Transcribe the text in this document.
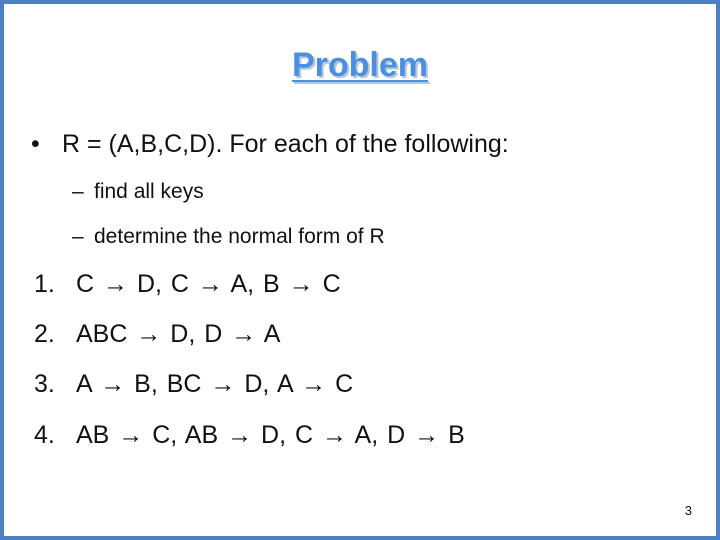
Problem
• R = (A,B,C,D). For each of the following:
– find all keys
– determine the normal form of R
1. C → D, C → A, B → C
2. ABC → D, D → A
3. A → B, BC → D, A → C
4. AB → C, AB → D, C → A, D → B
3
